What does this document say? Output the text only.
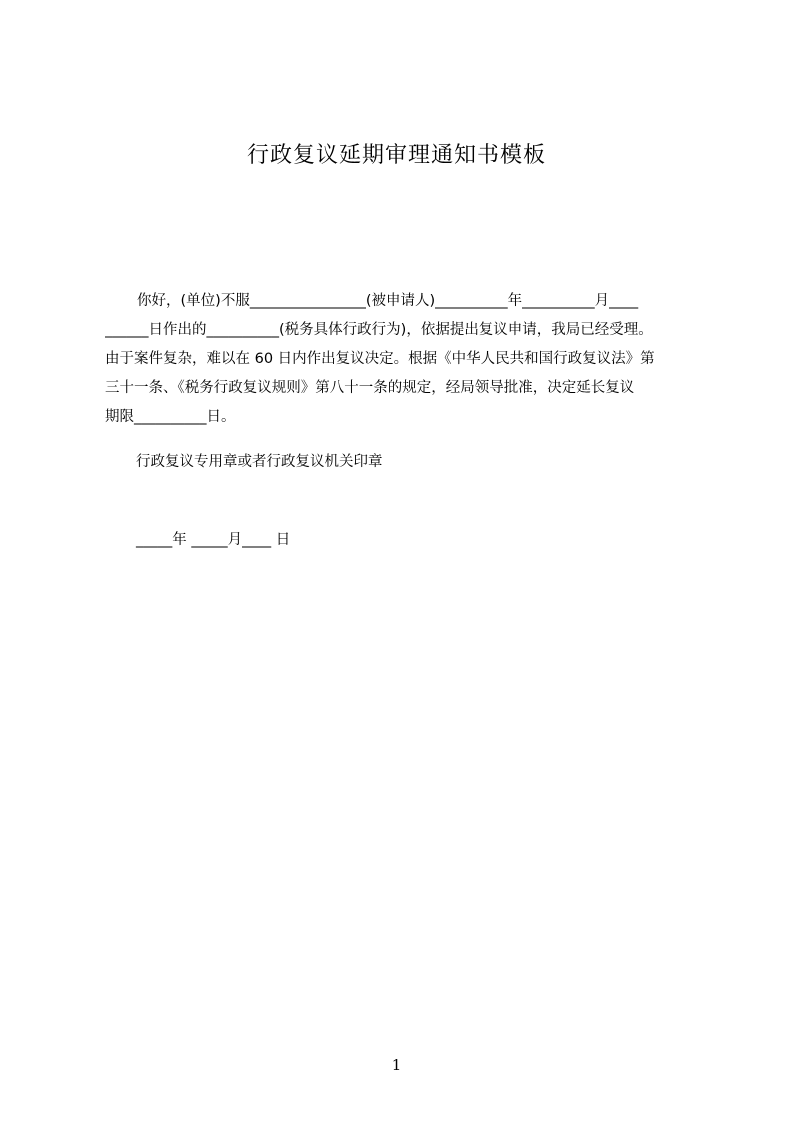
行政复议延期审理通知书模板
你好，(单位)不服________________(被申请人)__________年__________月____
______日作出的__________(税务具体行政行为)，依据提出复议申请，我局已经受理。
由于案件复杂，难以在 60 日内作出复议决定。根据《中华人民共和国行政复议法》第
三十一条、《税务行政复议规则》第八十一条的规定，经局领导批准，决定延长复议
期限__________日。
行政复议专用章或者行政复议机关印章
_____年 _____月____ 日
1
